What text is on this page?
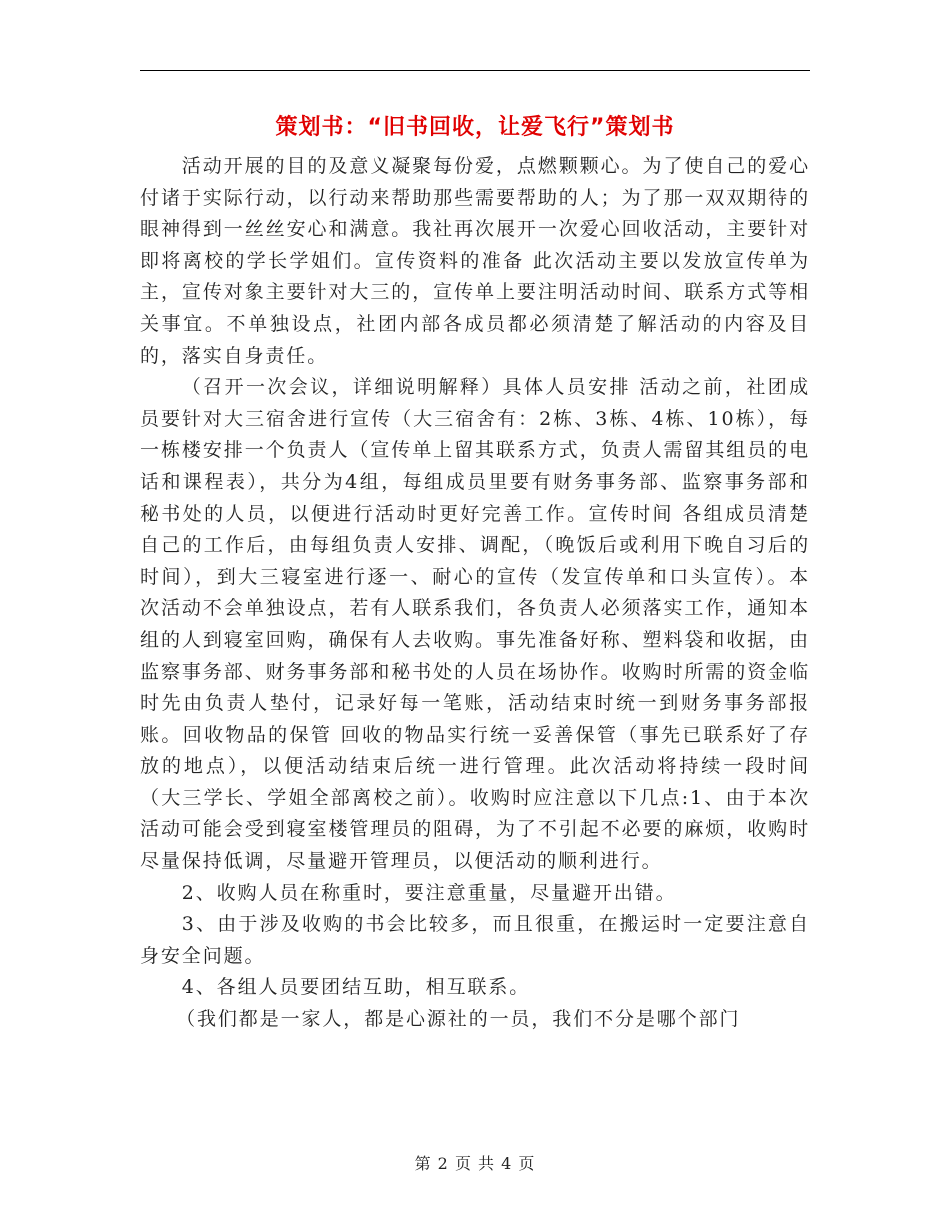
策划书：“旧书回收，让爱飞行”策划书

活动开展的目的及意义凝聚每份爱，点燃颗颗心。为了使自己的爱心付诸于实际行动，以行动来帮助那些需要帮助的人；为了那一双双期待的眼神得到一丝丝安心和满意。我社再次展开一次爱心回收活动，主要针对即将离校的学长学姐们。宣传资料的准备 此次活动主要以发放宣传单为主，宣传对象主要针对大三的，宣传单上要注明活动时间、联系方式等相关事宜。不单独设点，社团内部各成员都必须清楚了解活动的内容及目的，落实自身责任。

（召开一次会议，详细说明解释）具体人员安排 活动之前，社团成员要针对大三宿舍进行宣传（大三宿舍有：2栋、3栋、4栋、10栋），每一栋楼安排一个负责人（宣传单上留其联系方式，负责人需留其组员的电话和课程表），共分为4组，每组成员里要有财务事务部、监察事务部和秘书处的人员，以便进行活动时更好完善工作。宣传时间 各组成员清楚自己的工作后，由每组负责人安排、调配，（晚饭后或利用下晚自习后的时间），到大三寝室进行逐一、耐心的宣传（发宣传单和口头宣传）。本次活动不会单独设点，若有人联系我们，各负责人必须落实工作，通知本组的人到寝室回购，确保有人去收购。事先准备好称、塑料袋和收据，由监察事务部、财务事务部和秘书处的人员在场协作。收购时所需的资金临时先由负责人垫付，记录好每一笔账，活动结束时统一到财务事务部报账。回收物品的保管 回收的物品实行统一妥善保管（事先已联系好了存放的地点），以便活动结束后统一进行管理。此次活动将持续一段时间（大三学长、学姐全部离校之前）。收购时应注意以下几点:1、由于本次活动可能会受到寝室楼管理员的阻碍，为了不引起不必要的麻烦，收购时尽量保持低调，尽量避开管理员，以便活动的顺利进行。

2、收购人员在称重时，要注意重量，尽量避开出错。

3、由于涉及收购的书会比较多，而且很重，在搬运时一定要注意自身安全问题。

4、各组人员要团结互助，相互联系。

（我们都是一家人，都是心源社的一员，我们不分是哪个部门

第 2 页 共 4 页
